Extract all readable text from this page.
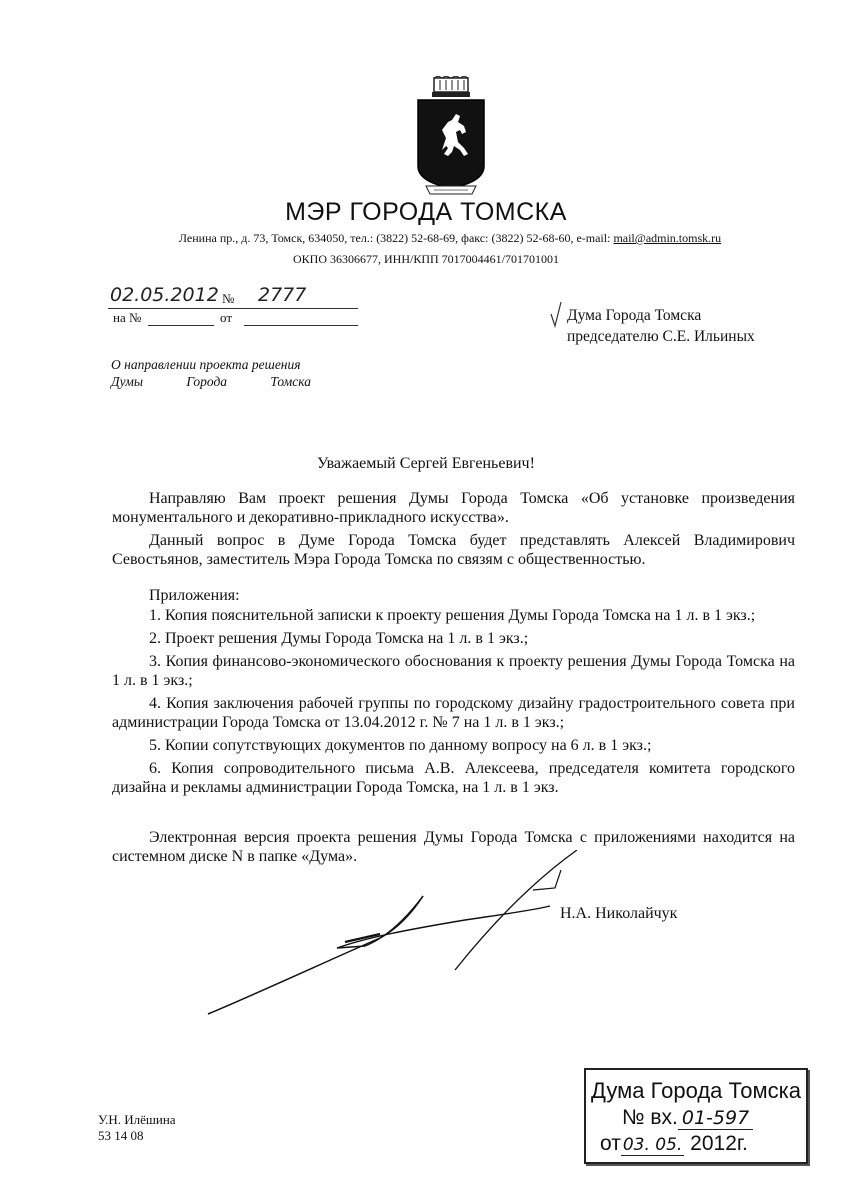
МЭР ГОРОДА ТОМСКА
Ленина пр., д. 73, Томск, 634050, тел.: (3822) 52-68-69, факс: (3822) 52-68-60, e-mail: mail@admin.tomsk.ru
ОКПО 36306677, ИНН/КПП 7017004461/701701001
02.05.2012 № 2777
на №	от	Дума Города Томска
председателю С.Е. Ильиных
О направлении проекта решения
Думы	Города	Томска
Уважаемый Сергей Евгеньевич!

Направляю Вам проект решения Думы Города Томска «Об установке произведения монументального и декоративно-прикладного искусства».

Данный вопрос в Думе Города Томска будет представлять Алексей Владимирович Севостьянов, заместитель Мэра Города Томска по связям с общественностью.

Приложения:
1. Копия пояснительной записки к проекту решения Думы Города Томска на 1 л. в 1 экз.;
2. Проект решения Думы Города Томска на 1 л. в 1 экз.;
3. Копия финансово-экономического обоснования к проекту решения Думы Города Томска на 1 л. в 1 экз.;
4. Копия заключения рабочей группы по городскому дизайну градостроительного совета при администрации Города Томска от 13.04.2012 г. № 7 на 1 л. в 1 экз.;
5. Копии сопутствующих документов по данному вопросу на 6 л. в 1 экз.;
6. Копия сопроводительного письма А.В. Алексеева, председателя комитета городского дизайна и рекламы администрации Города Томска, на 1 л. в 1 экз.

Электронная версия проекта решения Думы Города Томска с приложениями находится на системном диске N в папке «Дума».

Н.А. Николайчук
У.Н. Илёшина
53 14 08
Дума Города Томска
№ вх. 01-597
от 03. 05. 2012г.
